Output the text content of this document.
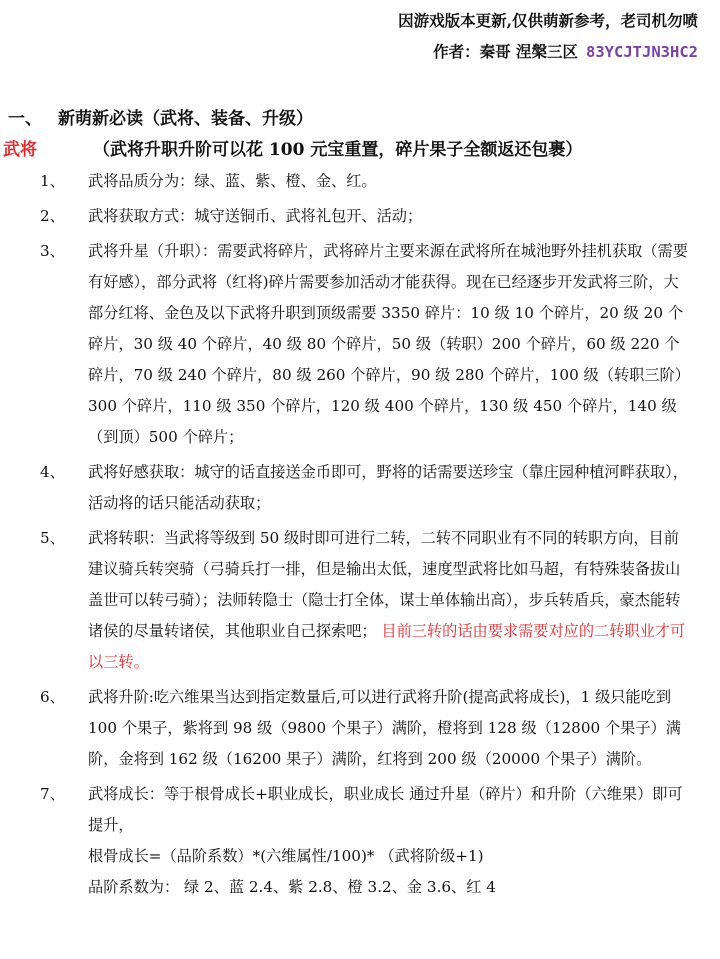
因游戏版本更新,仅供萌新参考，老司机勿喷
作者：秦哥 涅槃三区 83YCJTJN3HC2
一、 新萌新必读（武将、装备、升级）
武将	（武将升职升阶可以花 100 元宝重置，碎片果子全额返还包裹）
1、 武将品质分为：绿、蓝、紫、橙、金、红。
2、 武将获取方式：城守送铜币、武将礼包开、活动；
3、 武将升星（升职）：需要武将碎片，武将碎片主要来源在武将所在城池野外挂机获取（需要有好感），部分武将（红将)碎片需要参加活动才能获得。现在已经逐步开发武将三阶，大部分红将、金色及以下武将升职到顶级需要 3350 碎片：10 级 10 个碎片，20 级 20 个碎片，30 级 40 个碎片，40 级 80 个碎片，50 级（转职）200 个碎片，60 级 220 个碎片，70 级 240 个碎片，80 级 260 个碎片，90 级 280 个碎片，100 级（转职三阶）300 个碎片，110 级 350 个碎片，120 级 400 个碎片，130 级 450 个碎片，140 级（到顶）500 个碎片；
4、 武将好感获取：城守的话直接送金币即可，野将的话需要送珍宝（靠庄园种植河畔获取），活动将的话只能活动获取；
5、 武将转职：当武将等级到 50 级时即可进行二转，二转不同职业有不同的转职方向，目前建议骑兵转突骑（弓骑兵打一排，但是输出太低，速度型武将比如马超，有特殊装备拔山盖世可以转弓骑）；法师转隐士（隐士打全体，谋士单体输出高），步兵转盾兵，豪杰能转诸侯的尽量转诸侯，其他职业自己探索吧； 目前三转的话由要求需要对应的二转职业才可以三转。
6、 武将升阶:吃六维果当达到指定数量后,可以进行武将升阶(提高武将成长)，1 级只能吃到 100 个果子，紫将到 98 级（9800 个果子）满阶，橙将到 128 级（12800 个果子）满阶，金将到 162 级（16200 果子）满阶，红将到 200 级（20000 个果子）满阶。
7、 武将成长：等于根骨成长+职业成长，职业成长 通过升星（碎片）和升阶（六维果）即可提升，
根骨成长=（品阶系数）*(六维属性/100)* （武将阶级+1)
品阶系数为： 绿 2、蓝 2.4、紫 2.8、橙 3.2、金 3.6、红 4
